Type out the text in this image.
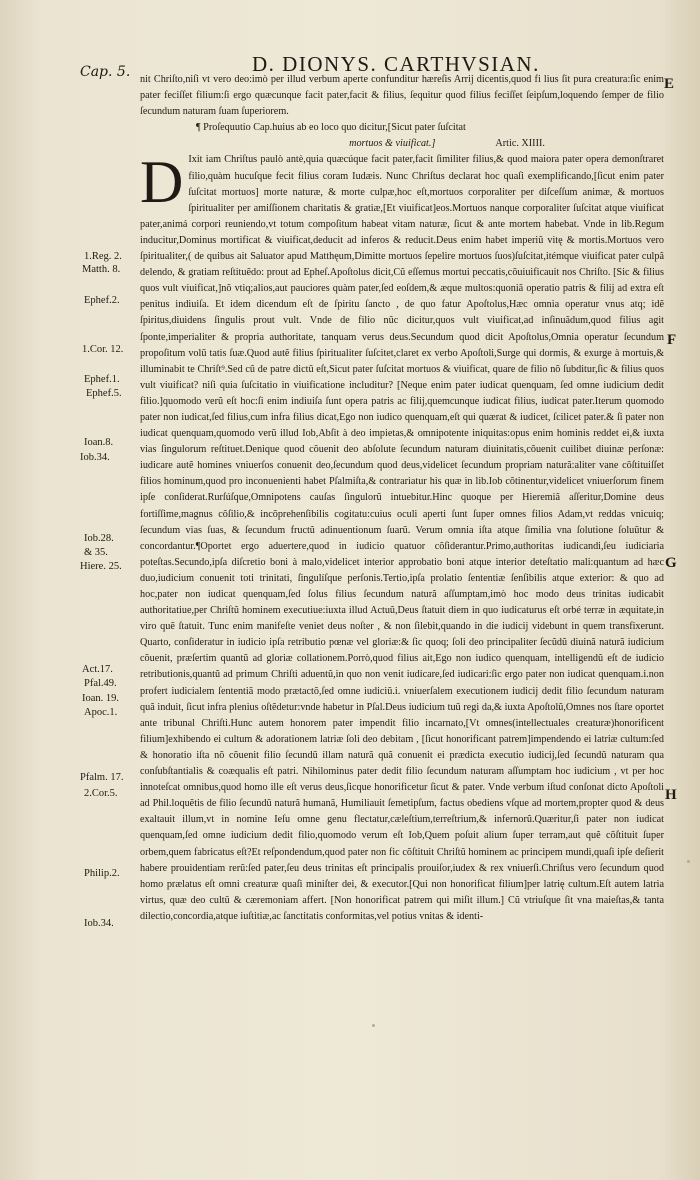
Cap. 5.	D. DIONYS. CARTHVSIAN.
E
F
G
H
1.Reg. 2.
Matth. 8.
Ephef.2.
1.Cor. 12.
Ephef.1.
Ephef.5.
Ioan.8.
Iob.34.
Iob.28.
& 35.
Hiere. 25.
Act.17.
Pfal.49.
Ioan. 19.
Apoc.1.
Pfalm. 17.
2.Cor.5.
Philip.2.
Iob.34.

nit Chriſto,niſi vt vero deo:imò per illud verbum aperte confunditur hæreſis Arrij dicentis,quod fi lius ſit pura creatura:ſic enim pater feciſſet filium:ſi ergo quæcunque facit pater,facit & filius, ſequitur quod filius feciſſet ſeipſum,loquendo ſemper de filio ſecundum naturam ſuam ſuperiorem.

¶ Proſequutio Cap.huius ab eo loco quo dicitur,[Sicut pater ſuſcitat

mortuos & viuificat.]	Artic. XIIII.

D Ixit iam Chriſtus paulò antè,quia quæcúque facit pater,facit ſimiliter filius,& quod maiora pater opera demonſtraret filio,quàm hucuſque fecit filius coram Iudæis. Nunc Chriſtus declarat hoc quaſi exemplificando,[ſicut enim pater ſuſcitat mortuos] morte naturæ, & morte culpæ,hoc eſt,mortuos corporaliter per diſceſſum animæ, & mortuos ſpiritualiter per amiſſionem charitatis & gratiæ,[Et viuificat]eos.Mortuos nanque corporaliter ſuſcitat atque viuificat pater,animá corpori reuniendo,vt totum compoſitum habeat vitam naturæ, ſicut & ante mortem habebat. Vnde in lib.Regum inducitur,Dominus mortificat & viuificat,deducit ad inferos & reducit.Deus enim habet imperiũ vitę & mortis.Mortuos vero ſpiritualiter,( de quibus ait Saluator apud Matthęum,Dimitte mortuos ſepelire mortuos ſuos)ſuſcitat,itémque viuificat pater culpã delendo, & gratiam reſtituẽdo: prout ad Epheſ.Apoſtolus dicit,Cũ eſſemus mortui peccatis,cõuiuificauit nos Chriſto. [Sic & filius quos vult viuificat,]nõ vtiq;alios,aut pauciores quàm pater,ſed eoſdem,& æque multos:quoniã operatio patris & filij ad extra eſt penitus indiuiſa. Et idem dicendum eſt de ſpiritu ſancto , de quo fatur Apoſtolus,Hæc omnia operatur vnus atq; idẽ ſpiritus,diuidens ſingulis prout vult. Vnde de filio nũc dicitur,quos vult viuificat,ad inſinuãdum,quod filius agit ſponte,imperialiter & propria authoritate, tanquam verus deus.Secundum quod dicit Apoſtolus,Omnia operatur ſecundum propoſitum volũ tatis ſuæ.Quod autẽ filius ſpiritualiter ſuſcitet,claret ex verbo Apoſtoli,Surge qui dormis, & exurge à mortuis,& illuminabit te Chriſt⁹.Sed cũ de patre dictũ eſt,Sicut pater ſuſcitat mortuos & viuificat, quare de filio nõ ſubditur,ſic & filius quos vult viuificat? niſi quia ſuſcitatio in viuificatione includitur? [Neque enim pater iudicat quenquam, ſed omne iudicium dedit filio.]quomodo verũ eſt hoc:ſi enim indiuiſa ſunt opera patris ac filij,quemcunque iudicat filius, iudicat pater.Iterum quomodo pater non iudicat,ſed filius,cum infra filius dicat,Ego non iudico quenquam,eſt qui quærat & iudicet, ſcilicet pater.& ſi pater non iudicat quenquam,quomodo verũ illud Iob,Abſit à deo impietas,& omnipotente iniquitas:opus enim hominis reddet ei,& iuxta vias ſingulorum reſtituet.Denique quod cõuenit deo abſolute ſecundum naturam diuinitatis,cõuenit cuilibet diuinæ perſonæ: iudicare autẽ homines vniuerſos conuenit deo,ſecundum quod deus,videlicet ſecundum propriam naturã:aliter vane cõſtituiſſet filios hominum,quod pro inconuenienti habet Pſalmiſta,& contrariatur his quæ in lib.Iob cõtinentur,videlicet vniuerſorum finem ipſe conſiderat.Rurſúſque,Omnipotens cauſas ſingulorũ intuebitur.Hinc quoque per Hieremiã aſſeritur,Domine deus fortiſſime,magnus cõſilio,& incõprehenſibilis cogitatu:cuius oculi aperti ſunt ſuper omnes filios Adam,vt reddas vnicuiq; ſecundum vias ſuas, & ſecundum fructũ adinuentionum ſuarũ. Verum omnia iſta atque ſimilia vna ſolutione ſoluũtur & concordantur.¶Oportet ergo aduertere,quod in iudicio quatuor cõſiderantur.Primo,authoritas iudicandi,ſeu iudiciaria poteſtas.Secundo,ipſa diſcretio boni à malo,videlicet interior approbatio boni atque interior deteſtatio mali:quantum ad hæc duo,iudicium conuenit toti trinitati, ſingulíſque perſonis.Tertio,ipſa prolatio ſententiæ ſenſibilis atque exterior: & quo ad hoc,pater non iudicat quenquam,ſed ſolus filius ſecundum naturã aſſumptam,imò hoc modo deus trinitas iudicabit authoritatiue,per Chriſtũ hominem executiue:iuxta illud Actuũ,Deus ſtatuit diem in quo iudicaturus eſt orbé terræ in æquitate,in viro quẽ ſtatuit. Tunc enim manifeſte veniet deus noſter , & non ſilebit,quando in die iudicij videbunt in quem transfixerunt. Quarto, conſideratur in iudicio ipſa retributio pœnæ vel gloriæ:& ſic quoq; ſoli deo principaliter ſecũdũ diuinã naturã iudicium cõuenit, præſertim quantũ ad gloriæ collationem.Porrò,quod filius ait,Ego non iudico quenquam, intelligendũ eſt de iudicio retributionis,quantũ ad primum Chriſti aduentũ,in quo non venit iudicare,ſed iudicari:ſic ergo pater non iudicat quenquam.i.non profert iudicialem ſententiã modo prætactõ,ſed omne iudiciũ.i. vniuerſalem executionem iudicij dedit filio ſecundum naturam quã induit, ſicut infra plenius oſtẽdetur:vnde habetur in Pſal.Deus iudicium tuũ regi da,& iuxta Apoſtolũ,Omnes nos ſtare oportet ante tribunal Chriſti.Hunc autem honorem pater impendit filio incarnato,[Vt omnes(intellectuales creaturæ)honorificent filium]exhibendo ei cultum & adorationem latriæ ſoli deo debitam , [ſicut honorificant patrem]impendendo ei latriæ cultum:ſed & honoratio iſta nõ cõuenit filio ſecundũ illam naturã quã conuenit ei prædicta executio iudicij,ſed ſecundũ naturam qua conſubſtantialis & coæqualis eſt patri. Nihilominus pater dedit filio ſecundum naturam aſſumptam hoc iudicium , vt per hoc innoteſcat omnibus,quod homo ille eſt verus deus,ſicque honorificetur ſicut & pater. Vnde verbum iſtud conſonat dicto Apoſtoli ad Phil.loquẽtis de filio ſecundũ naturã humanã, Humiliauit ſemetipſum, factus obediens vſque ad mortem,propter quod & deus exaltauit illum,vt in nomine Ieſu omne genu flectatur,cæleſtium,terreſtrium,& infernorũ.Quæritur,ſi pater non iudicat quenquam,ſed omne iudicium dedit filio,quomodo verum eſt Iob,Quem poſuit alium ſuper terram,aut quẽ cõſtituit ſuper orbem,quem fabricatus eſt?Et reſpondendum,quod pater non fic cõſtituit Chriſtũ hominem ac principem mundi,quaſi ipſe deſierit habere prouidentiam rerũ:ſed pater,ſeu deus trinitas eſt principalis prouiſor,iudex & rex vniuerſi.Chriſtus vero ſecundum quod homo prælatus eſt omni creaturæ quaſi miniſter dei, & executor.[Qui non honorificat filium]per latrię cultum.Eſt autem latria virtus, quæ deo cultũ & cæremoniam affert. [Non honorificat patrem qui miſit illum.] Cũ vtriuſque ſit vna maieſtas,& tanta dilectio,concordia,atque iuſtitiæ,ac ſanctitatis conformitas,vel potius vnitas & identi-
